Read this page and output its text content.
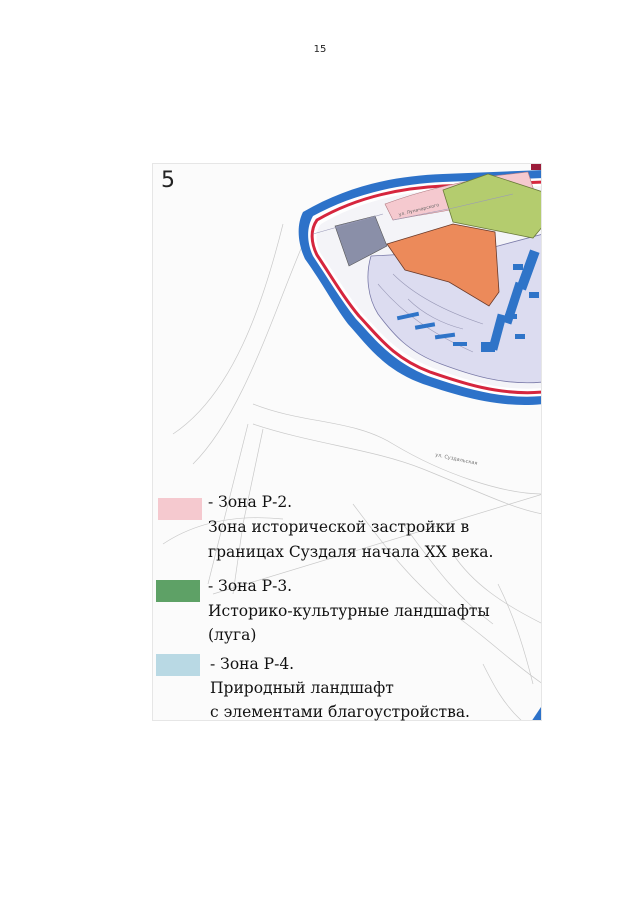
15
ул. Суздальская
ул. Луначарского
5
- Зона Р-2.
Зона исторической застройки в
границах Суздаля начала XX века.
- Зона Р-3.
Историко-культурные ландшафты
(луга)
- Зона Р-4.
Природный ландшафт
с элементами благоустройства.
